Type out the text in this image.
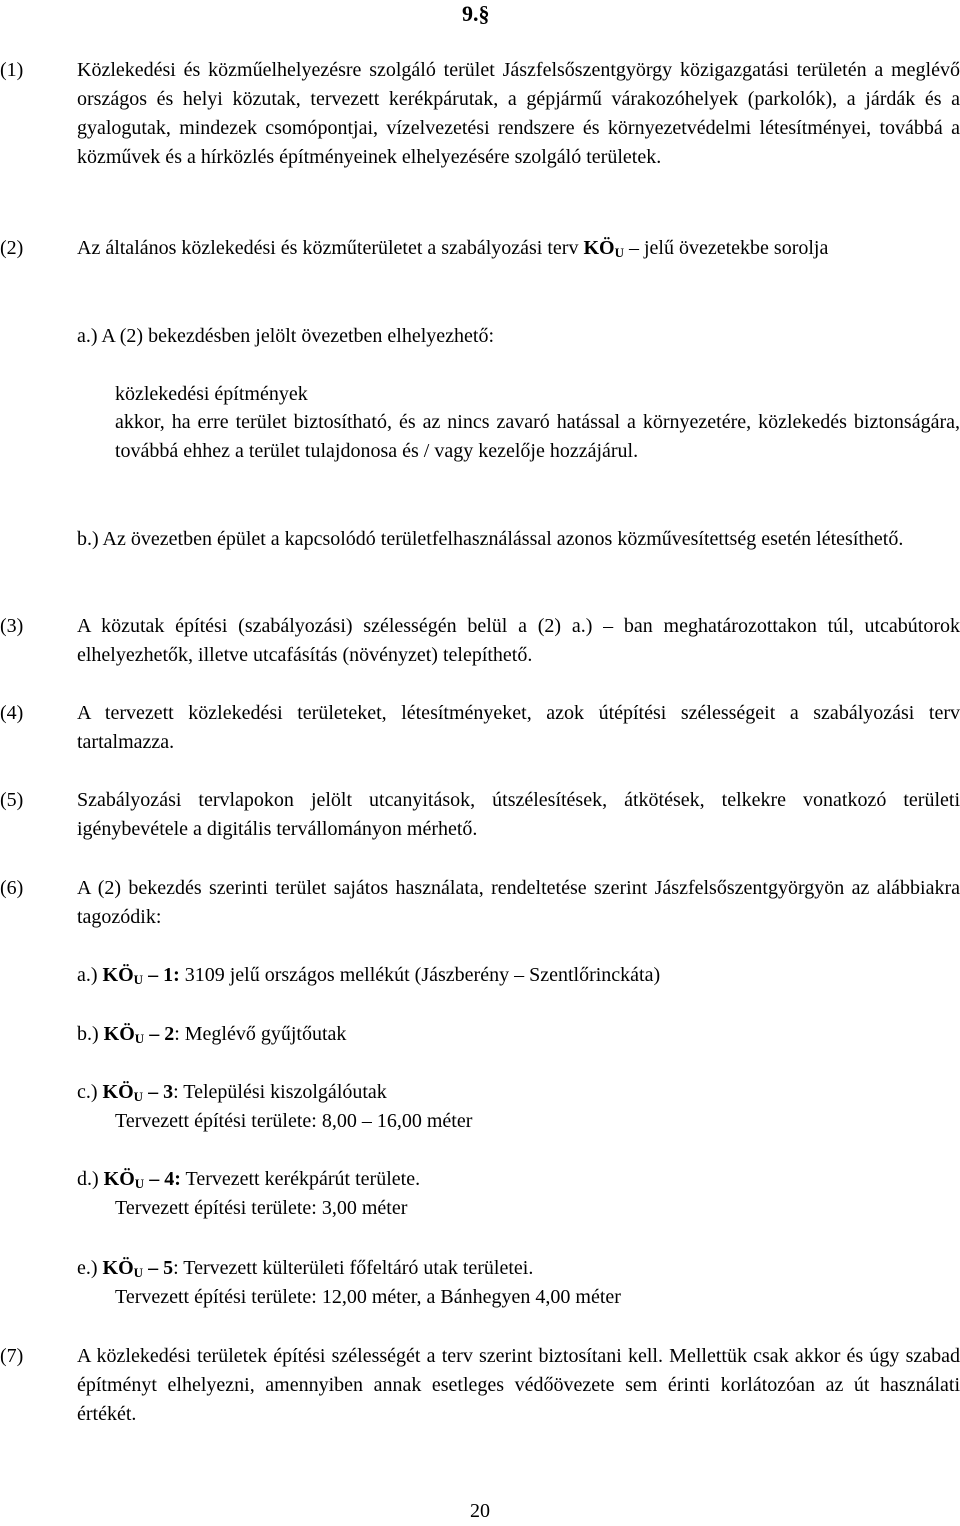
9.§
(1)	Közlekedési és közműelhelyezésre szolgáló terület Jászfelsőszentgyörgy közigazgatási területén a meglévő országos és helyi közutak, tervezett kerékpárutak, a gépjármű várakozóhelyek (parkolók), a járdák és a gyalogutak, mindezek csomópontjai, vízelvezetési rendszere és környezetvédelmi létesítményei, továbbá a közművek és a hírközlés építményeinek elhelyezésére szolgáló területek.
(2)	Az általános közlekedési és közműterületet a szabályozási terv KÖU – jelű övezetekbe sorolja
a.) A (2) bekezdésben jelölt övezetben elhelyezhető:
közlekedési építmények
akkor, ha erre terület biztosítható, és az nincs zavaró hatással a környezetére, közlekedés biztonságára, továbbá ehhez a terület tulajdonosa és / vagy kezelője hozzájárul.
b.) Az övezetben épület a kapcsolódó területfelhasználással azonos közművesítettség esetén létesíthető.
(3)	A közutak építési (szabályozási) szélességén belül a (2) a.) – ban meghatározottakon túl, utcabútorok elhelyezhetők, illetve utcafásítás (növényzet) telepíthető.
(4)	A tervezett közlekedési területeket, létesítményeket, azok útépítési szélességeit a szabályozási terv tartalmazza.
(5)	Szabályozási tervlapokon jelölt utcanyitások, útszélesítések, átkötések, telkekre vonatkozó területi igénybevétele a digitális tervállományon mérhető.
(6)	A (2) bekezdés szerinti terület sajátos használata, rendeltetése szerint Jászfelsőszentgyörgyön az alábbiakra tagozódik:
a.) KÖU – 1: 3109 jelű országos mellékút (Jászberény – Szentlőrinckáta)
b.) KÖU – 2: Meglévő gyűjtőutak
c.) KÖU – 3: Települési kiszolgálóutak
Tervezett építési területe: 8,00 – 16,00 méter
d.) KÖU – 4: Tervezett kerékpárút területe.
Tervezett építési területe: 3,00 méter
e.) KÖU – 5: Tervezett külterületi főfeltáró utak területei.
Tervezett építési területe: 12,00 méter, a Bánhegyen 4,00 méter
(7)	A közlekedési területek építési szélességét a terv szerint biztosítani kell. Mellettük csak akkor és úgy szabad építményt elhelyezni, amennyiben annak esetleges védőövezete sem érinti korlátozóan az út használati értékét.
20
